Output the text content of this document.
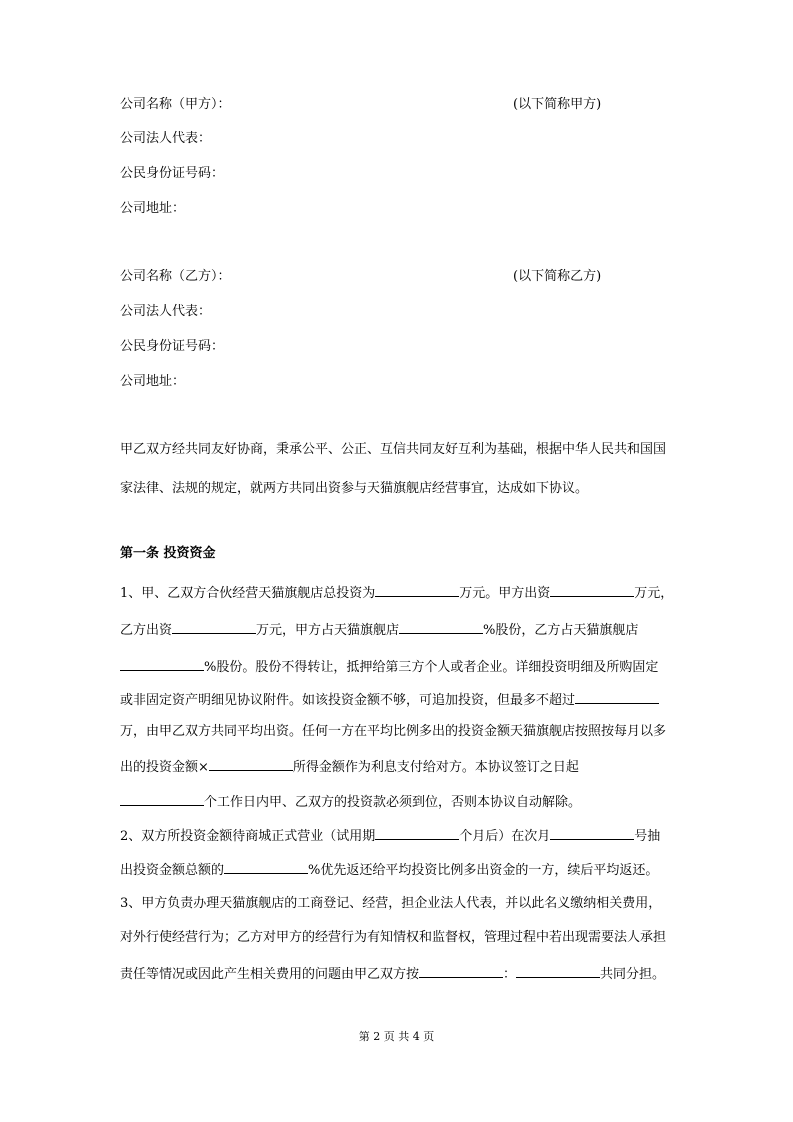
公司名称（甲方）：	(以下简称甲方)
公司法人代表：
公民身份证号码：
公司地址：
公司名称（乙方）：	(以下简称乙方)
公司法人代表：
公民身份证号码：
公司地址：
甲乙双方经共同友好协商，秉承公平、公正、互信共同友好互利为基础，根据中华人民共和国国
家法律、法规的规定，就两方共同出资参与天猫旗舰店经营事宜，达成如下协议。
第一条 投资资金
1、甲、乙双方合伙经营天猫旗舰店总投资为	万元。甲方出资	万元，
乙方出资	万元，甲方占天猫旗舰店	%股份，乙方占天猫旗舰店
%股份。股份不得转让，抵押给第三方个人或者企业。详细投资明细及所购固定
或非固定资产明细见协议附件。如该投资金额不够，可追加投资，但最多不超过
万，由甲乙双方共同平均出资。任何一方在平均比例多出的投资金额天猫旗舰店按照按每月以多
出的投资金额×	所得金额作为利息支付给对方。本协议签订之日起
个工作日内甲、乙双方的投资款必须到位，否则本协议自动解除。
2、双方所投资金额待商城正式营业（试用期	个月后）在次月	号抽
出投资金额总额的	%优先返还给平均投资比例多出资金的一方，续后平均返还。
3、甲方负责办理天猫旗舰店的工商登记、经营，担企业法人代表，并以此名义缴纳相关费用，
对外行使经营行为；乙方对甲方的经营行为有知情权和监督权，管理过程中若出现需要法人承担
责任等情况或因此产生相关费用的问题由甲乙双方按	：	共同分担。
第 2 页 共 4 页
